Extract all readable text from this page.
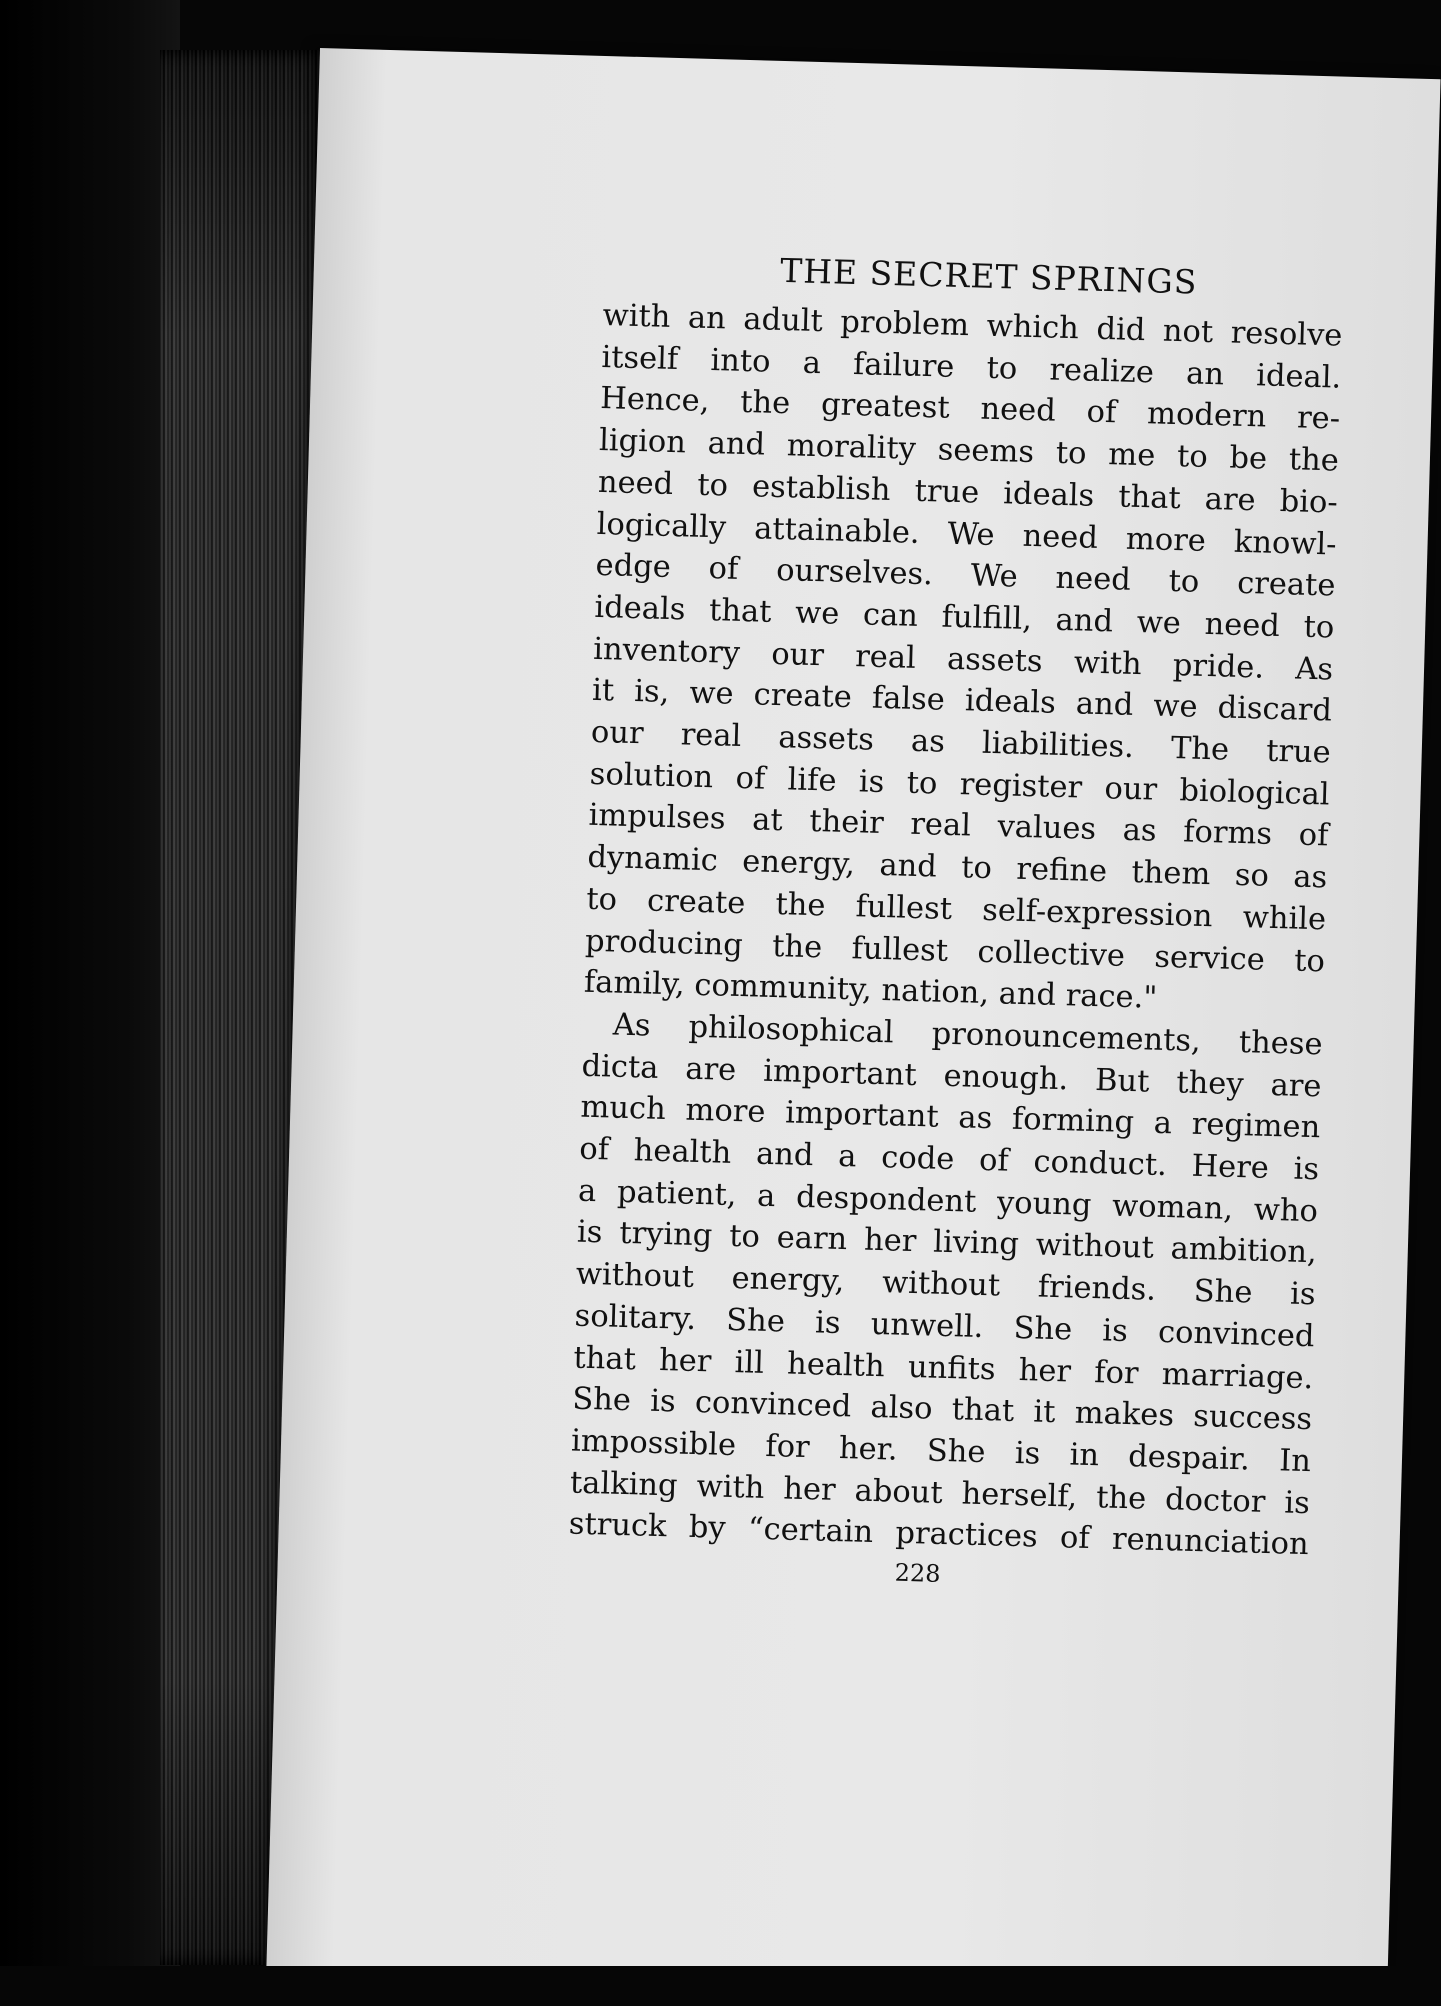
THE SECRET SPRINGS
with an adult problem which did not resolve
itself into a failure to realize an ideal.
Hence, the greatest need of modern re-
ligion and morality seems to me to be the
need to establish true ideals that are bio-
logically attainable. We need more knowl-
edge of ourselves. We need to create
ideals that we can fulfill, and we need to
inventory our real assets with pride. As
it is, we create false ideals and we discard
our real assets as liabilities. The true
solution of life is to register our biological
impulses at their real values as forms of
dynamic energy, and to refine them so as
to create the fullest self-expression while
producing the fullest collective service to
family, community, nation, and race."
As philosophical pronouncements, these
dicta are important enough. But they are
much more important as forming a regimen
of health and a code of conduct. Here is
a patient, a despondent young woman, who
is trying to earn her living without ambition,
without energy, without friends. She is
solitary. She is unwell. She is convinced
that her ill health unfits her for marriage.
She is convinced also that it makes success
impossible for her. She is in despair. In
talking with her about herself, the doctor is
struck by “certain practices of renunciation
228
